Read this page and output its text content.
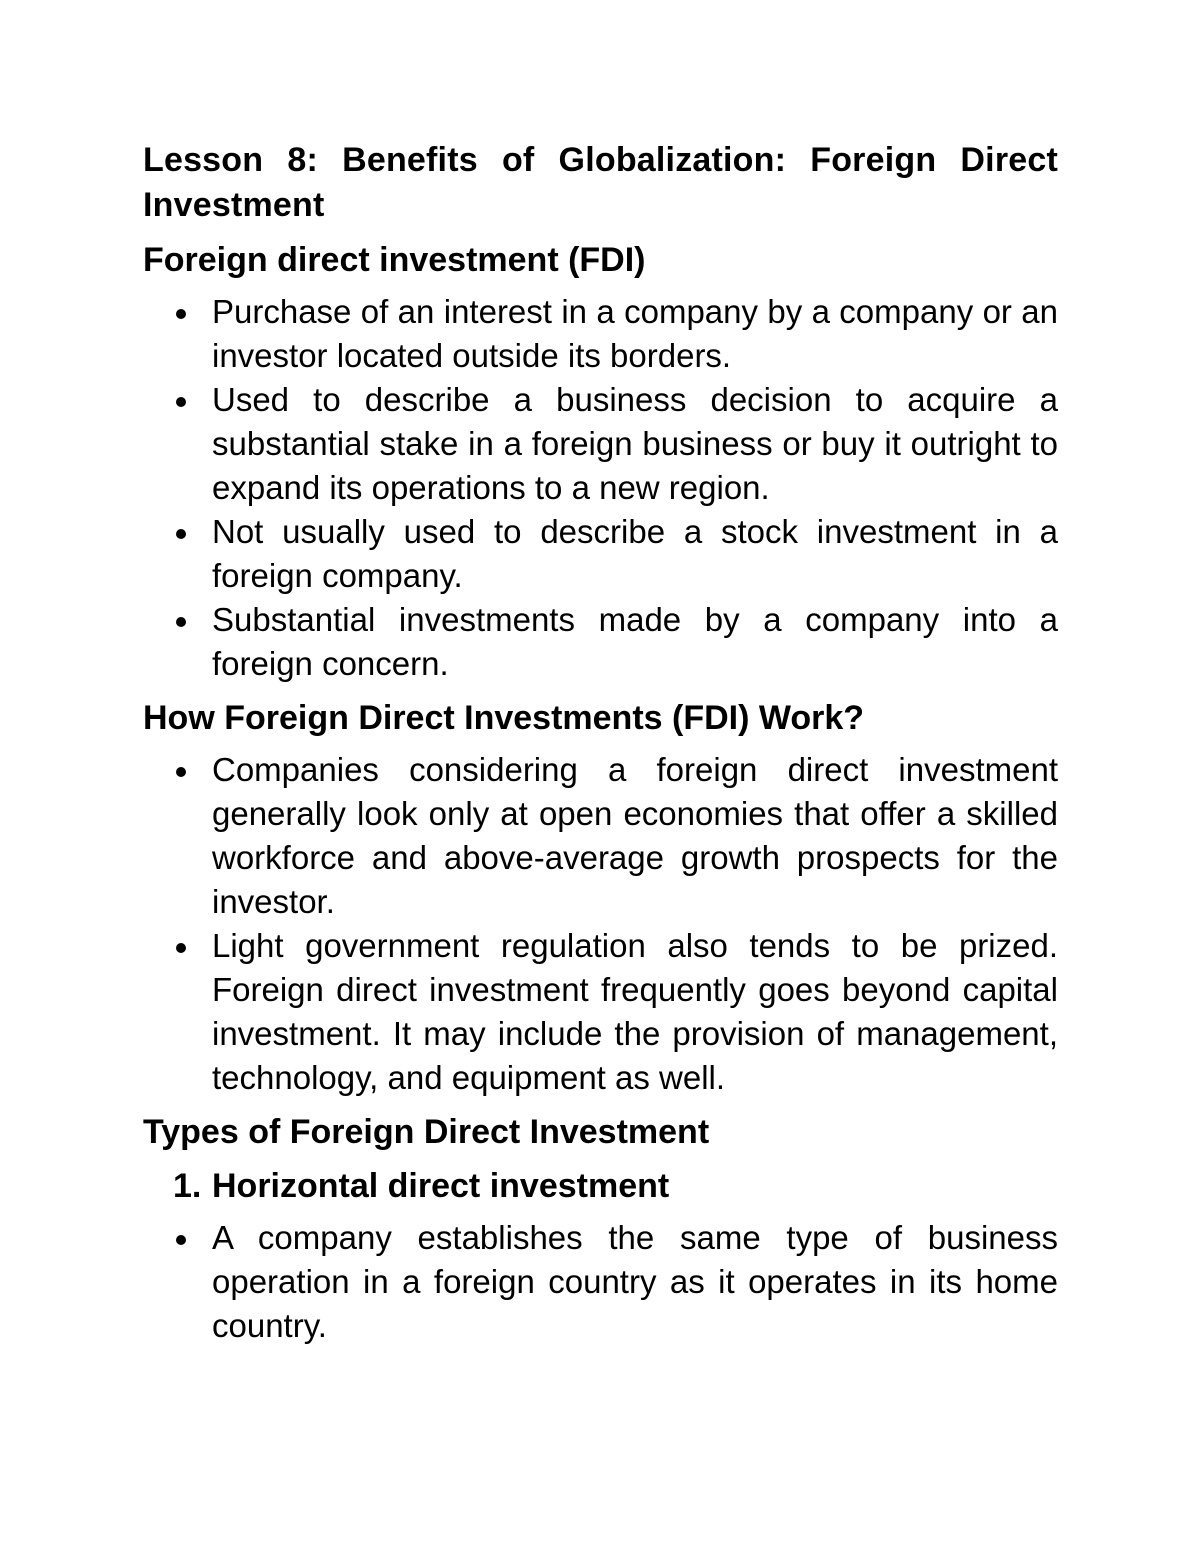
Lesson 8: Benefits of Globalization: Foreign Direct Investment
Foreign direct investment (FDI)
Purchase of an interest in a company by a company or an investor located outside its borders.
Used to describe a business decision to acquire a substantial stake in a foreign business or buy it outright to expand its operations to a new region.
Not usually used to describe a stock investment in a foreign company.
Substantial investments made by a company into a foreign concern.
How Foreign Direct Investments (FDI) Work?
Companies considering a foreign direct investment generally look only at open economies that offer a skilled workforce and above-average growth prospects for the investor.
Light government regulation also tends to be prized. Foreign direct investment frequently goes beyond capital investment. It may include the provision of management, technology, and equipment as well.
Types of Foreign Direct Investment
1. Horizontal direct investment
A company establishes the same type of business operation in a foreign country as it operates in its home country.
